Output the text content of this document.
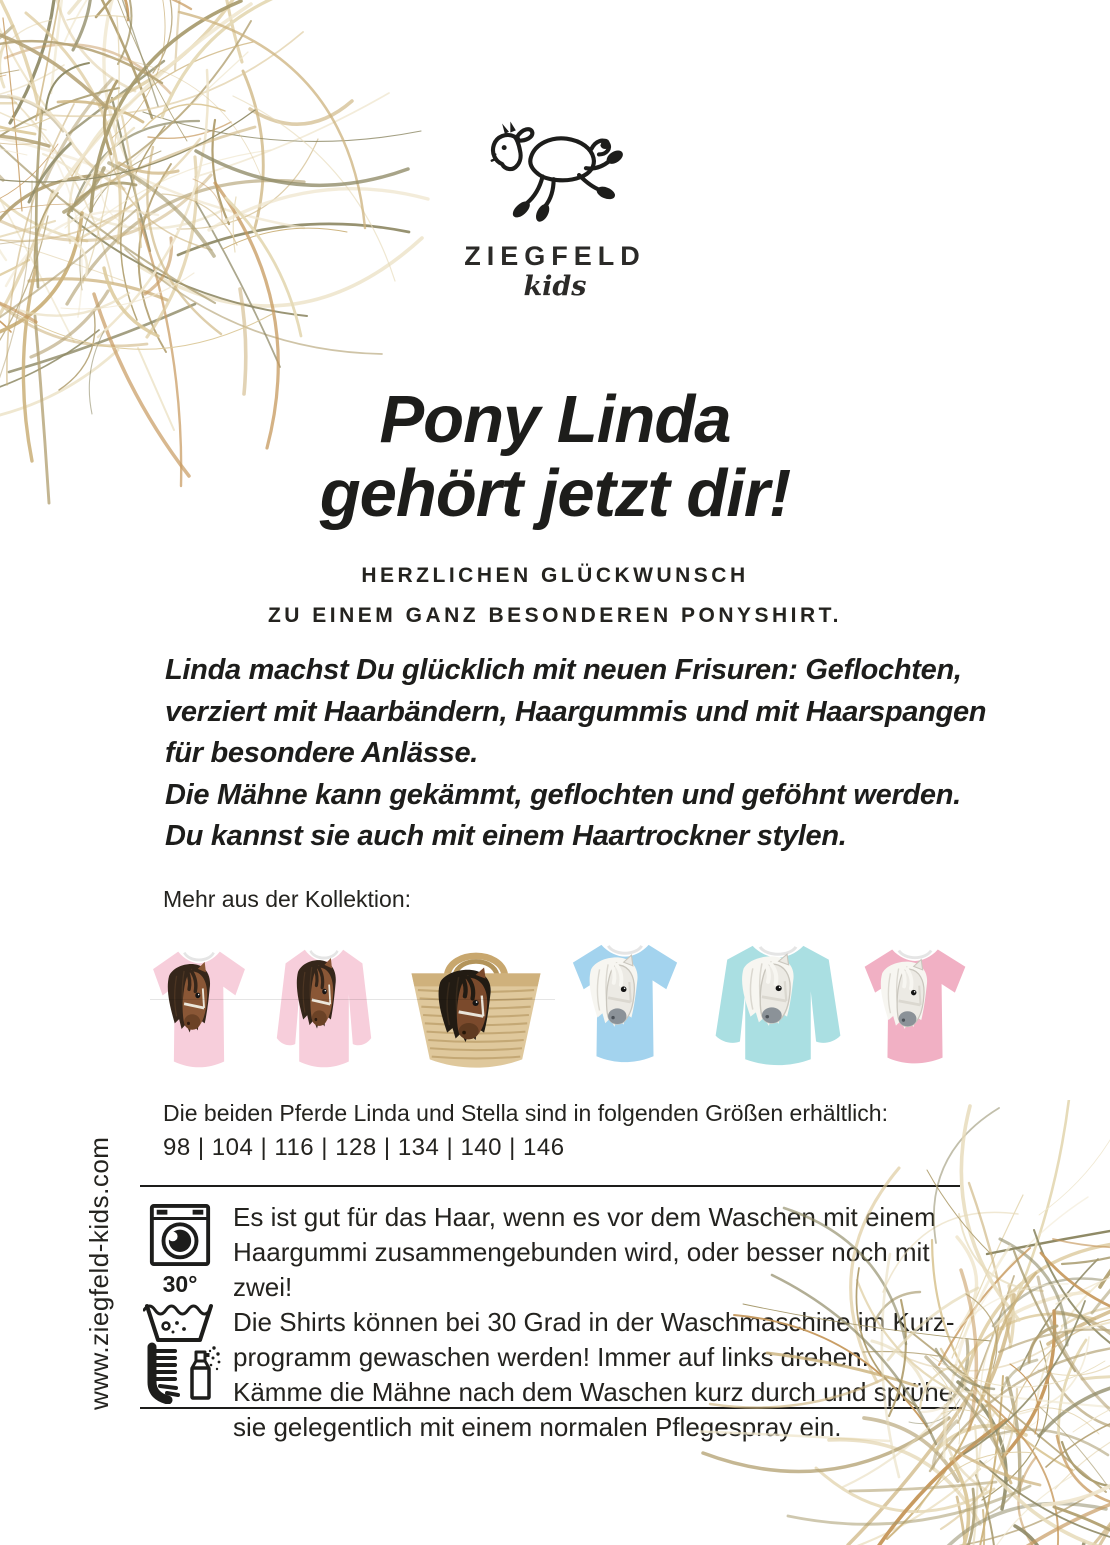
ZIEGFELD
kids
Pony Linda
gehört jetzt dir!
HERZLICHEN GLÜCKWUNSCH
ZU EINEM GANZ BESONDEREN PONYSHIRT.
Linda machst Du glücklich mit neuen Frisuren: Geflochten,
verziert mit Haarbändern, Haargummis und mit Haarspangen
für besondere Anlässe.
Die Mähne kann gekämmt, geflochten und geföhnt werden.
Du kannst sie auch mit einem Haartrockner stylen.
Mehr aus der Kollektion:
Die beiden Pferde Linda und Stella sind in folgenden Größen erhältlich:
98 | 104 | 116 | 128 | 134 | 140 | 146
30°
Es ist gut für das Haar, wenn es vor dem Waschen mit einem
Haargummi zusammengebunden wird, oder besser noch mit zwei!
Die Shirts können bei 30 Grad in der Waschmaschine im Kurz-
programm gewaschen werden! Immer auf links drehen.
Kämme die Mähne nach dem Waschen kurz durch und sprühe
sie gelegentlich mit einem normalen Pflegespray ein.
www.ziegfeld-kids.com
